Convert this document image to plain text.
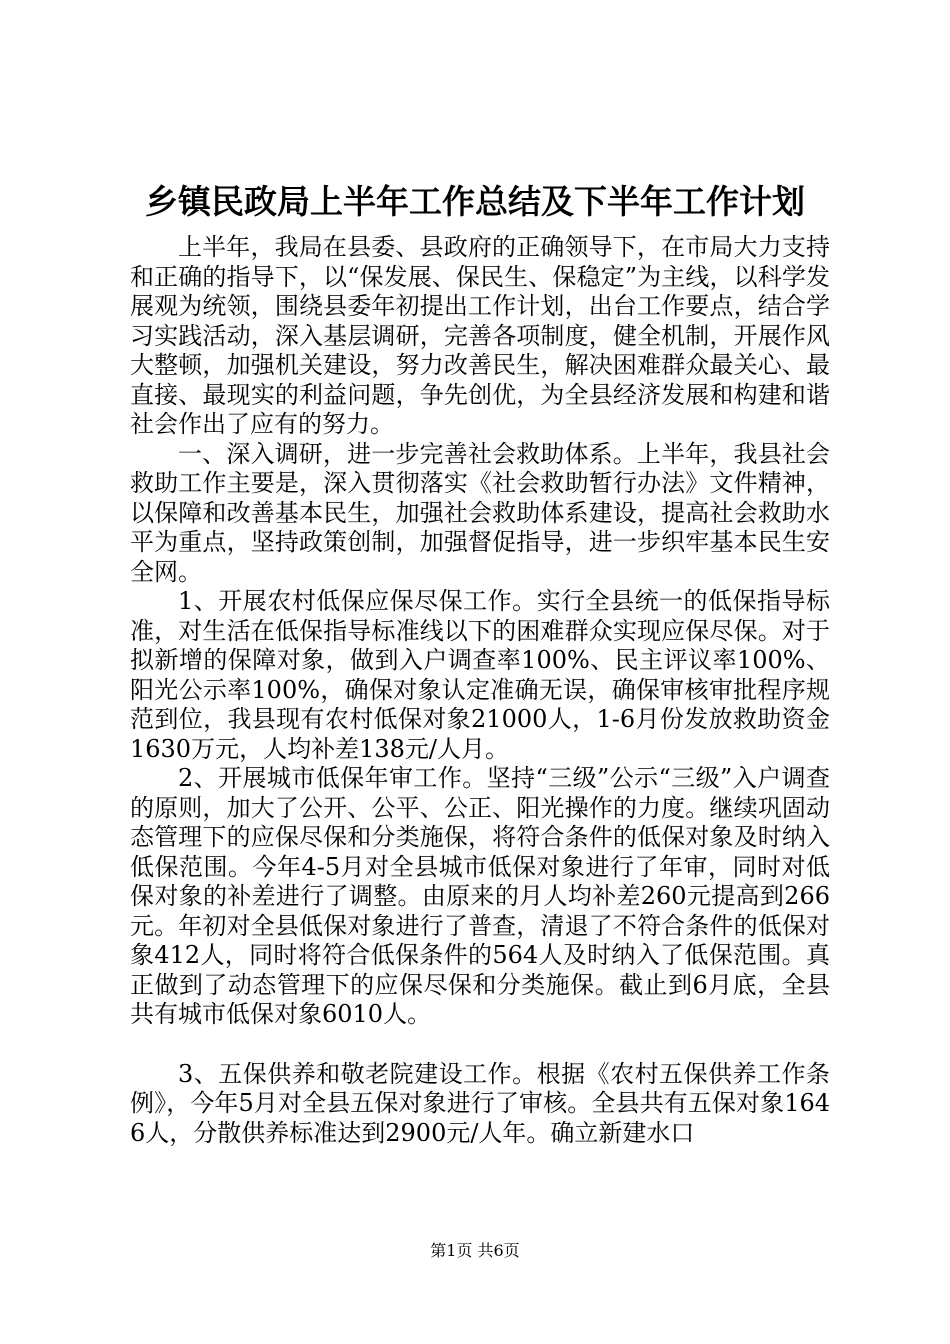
乡镇民政局上半年工作总结及下半年工作计划

上半年，我局在县委、县政府的正确领导下，在市局大力支持和正确的指导下，以“保发展、保民生、保稳定”为主线，以科学发展观为统领，围绕县委年初提出工作计划，出台工作要点，结合学习实践活动，深入基层调研，完善各项制度，健全机制，开展作风大整顿，加强机关建设，努力改善民生，解决困难群众最关心、最直接、最现实的利益问题，争先创优，为全县经济发展和构建和谐社会作出了应有的努力。

一、深入调研，进一步完善社会救助体系。上半年，我县社会救助工作主要是，深入贯彻落实《社会救助暂行办法》文件精神，以保障和改善基本民生，加强社会救助体系建设，提高社会救助水平为重点，坚持政策创制，加强督促指导，进一步织牢基本民生安全网。

1、开展农村低保应保尽保工作。实行全县统一的低保指导标准，对生活在低保指导标准线以下的困难群众实现应保尽保。对于拟新增的保障对象，做到入户调查率100%、民主评议率100%、阳光公示率100%，确保对象认定准确无误，确保审核审批程序规范到位，我县现有农村低保对象21000人，1-6月份发放救助资金1630万元，人均补差138元/人月。

2、开展城市低保年审工作。坚持“三级”公示“三级”入户调查的原则，加大了公开、公平、公正、阳光操作的力度。继续巩固动态管理下的应保尽保和分类施保，将符合条件的低保对象及时纳入低保范围。今年4-5月对全县城市低保对象进行了年审，同时对低保对象的补差进行了调整。由原来的月人均补差260元提高到266元。年初对全县低保对象进行了普查，清退了不符合条件的低保对象412人，同时将符合低保条件的564人及时纳入了低保范围。真正做到了动态管理下的应保尽保和分类施保。截止到6月底，全县共有城市低保对象6010人。

3、五保供养和敬老院建设工作。根据《农村五保供养工作条例》，今年5月对全县五保对象进行了审核。全县共有五保对象1646人，分散供养标准达到2900元/人年。确立新建水口

第1页 共6页
